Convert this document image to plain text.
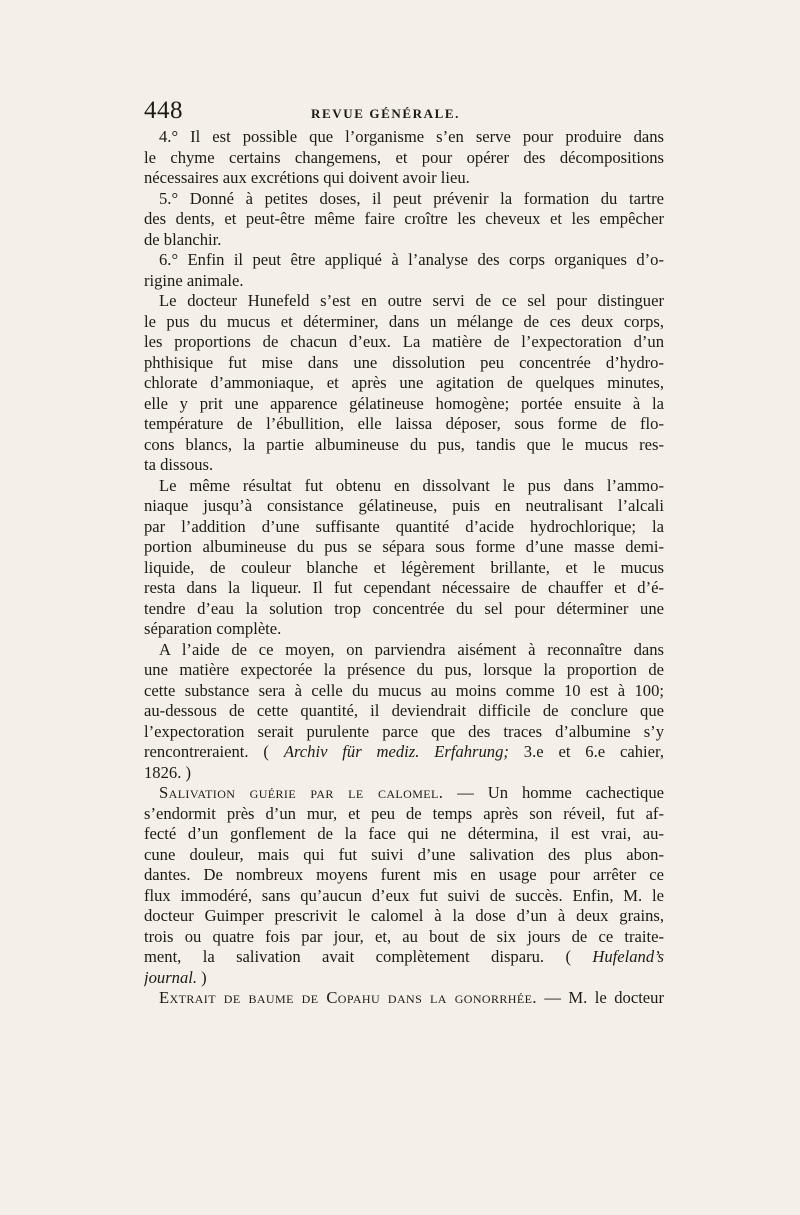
448	REVUE GÉNÉRALE.
4.° Il est possible que l’organisme s’en serve pour produire dans
le chyme certains changemens, et pour opérer des décompositions
nécessaires aux excrétions qui doivent avoir lieu.
5.° Donné à petites doses, il peut prévenir la formation du tartre
des dents, et peut-être même faire croître les cheveux et les empêcher
de blanchir.
6.° Enfin il peut être appliqué à l’analyse des corps organiques d’o-
rigine animale.
Le docteur Hunefeld s’est en outre servi de ce sel pour distinguer
le pus du mucus et déterminer, dans un mélange de ces deux corps,
les proportions de chacun d’eux. La matière de l’expectoration d’un
phthisique fut mise dans une dissolution peu concentrée d’hydro-
chlorate d’ammoniaque, et après une agitation de quelques minutes,
elle y prit une apparence gélatineuse homogène; portée ensuite à la
température de l’ébullition, elle laissa déposer, sous forme de flo-
cons blancs, la partie albumineuse du pus, tandis que le mucus res-
ta dissous.
Le même résultat fut obtenu en dissolvant le pus dans l’ammo-
niaque jusqu’à consistance gélatineuse, puis en neutralisant l’alcali
par l’addition d’une suffisante quantité d’acide hydrochlorique; la
portion albumineuse du pus se sépara sous forme d’une masse demi-
liquide, de couleur blanche et légèrement brillante, et le mucus
resta dans la liqueur. Il fut cependant nécessaire de chauffer et d’é-
tendre d’eau la solution trop concentrée du sel pour déterminer une
séparation complète.
A l’aide de ce moyen, on parviendra aisément à reconnaître dans
une matière expectorée la présence du pus, lorsque la proportion de
cette substance sera à celle du mucus au moins comme 10 est à 100;
au-dessous de cette quantité, il deviendrait difficile de conclure que
l’expectoration serait purulente parce que des traces d’albumine s’y
rencontreraient. ( Archiv für mediz. Erfahrung; 3.e et 6.e cahier,
1826. )
Salivation guérie par le calomel. — Un homme cachectique
s’endormit près d’un mur, et peu de temps après son réveil, fut af-
fecté d’un gonflement de la face qui ne détermina, il est vrai, au-
cune douleur, mais qui fut suivi d’une salivation des plus abon-
dantes. De nombreux moyens furent mis en usage pour arrêter ce
flux immodéré, sans qu’aucun d’eux fut suivi de succès. Enfin, M. le
docteur Guimper prescrivit le calomel à la dose d’un à deux grains,
trois ou quatre fois par jour, et, au bout de six jours de ce traite-
ment, la salivation avait complètement disparu. ( Hufeland’s
journal. )
Extrait de baume de Copahu dans la gonorrhée. — M. le docteur
